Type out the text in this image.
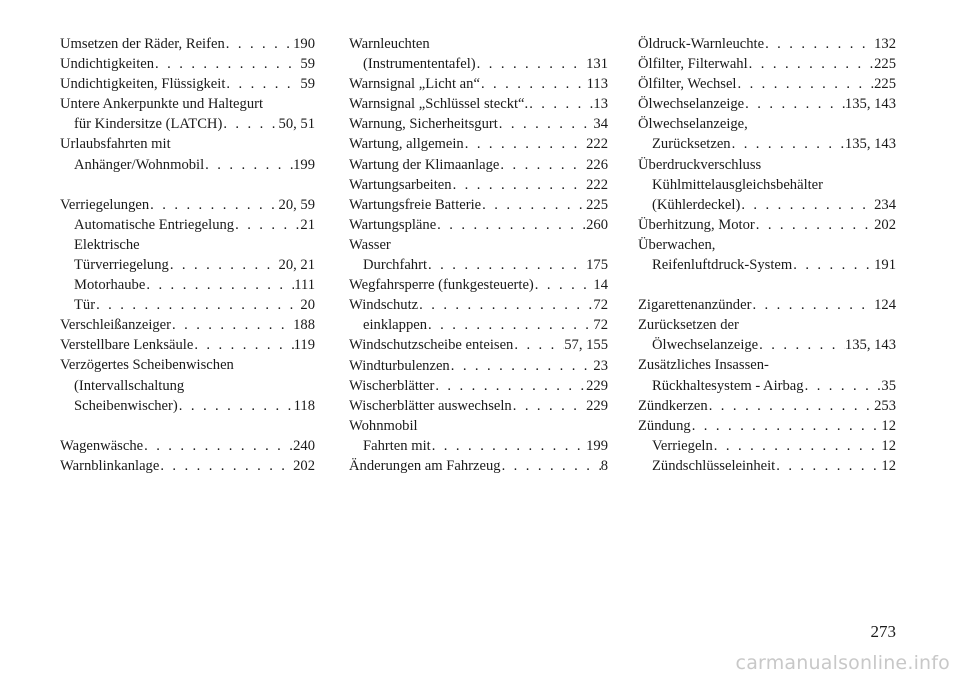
Umsetzen der Räder, Reifen . . .	190
Undichtigkeiten . . .	59
Undichtigkeiten, Flüssigkeit . . .	59
Untere Ankerpunkte und Haltegurt
für Kindersitze (LATCH) . . .	50, 51
Urlaubsfahrten mit
Anhänger/Wohnmobil . . .	199
Verriegelungen . . .	20, 59
Automatische Entriegelung . . .	21
Elektrische
Türverriegelung . . .	20, 21
Motorhaube . . .	111
Tür . . .	20
Verschleißanzeiger . . .	188
Verstellbare Lenksäule . . .	119
Verzögertes Scheibenwischen
(Intervallschaltung
Scheibenwischer) . . .	118
Wagenwäsche . . .	240
Warnblinkanlage . . .	202
Warnleuchten
(Instrumententafel) . . .	131
Warnsignal „Licht an“ . . .	113
Warnsignal „Schlüssel steckt“. . . .	13
Warnung, Sicherheitsgurt . . .	34
Wartung, allgemein . . .	222
Wartung der Klimaanlage . . .	226
Wartungsarbeiten . . .	222
Wartungsfreie Batterie . . .	225
Wartungspläne . . .	260
Wasser
Durchfahrt . . .	175
Wegfahrsperre (funkgesteuerte) . . .	14
Windschutz . . .	72
einklappen . . .	72
Windschutzscheibe enteisen . . .	57, 155
Windturbulenzen . . .	23
Wischerblätter . . .	229
Wischerblätter auswechseln . . .	229
Wohnmobil
Fahrten mit . . .	199
Änderungen am Fahrzeug . . .	8
Öldruck-Warnleuchte . . .	132
Ölfilter, Filterwahl . . .	225
Ölfilter, Wechsel . . .	225
Ölwechselanzeige . . .	135, 143
Ölwechselanzeige,
Zurücksetzen . . .	135, 143
Überdruckverschluss
Kühlmittelausgleichsbehälter
(Kühlerdeckel) . . .	234
Überhitzung, Motor . . .	202
Überwachen,
Reifenluftdruck-System . . .	191
Zigarettenanzünder . . .	124
Zurücksetzen der
Ölwechselanzeige . . .	135, 143
Zusätzliches Insassen-
Rückhaltesystem - Airbag . . .	35
Zündkerzen . . .	253
Zündung . . .	12
Verriegeln . . .	12
Zündschlüsseleinheit . . .	12
273
carmanualsonline.info
